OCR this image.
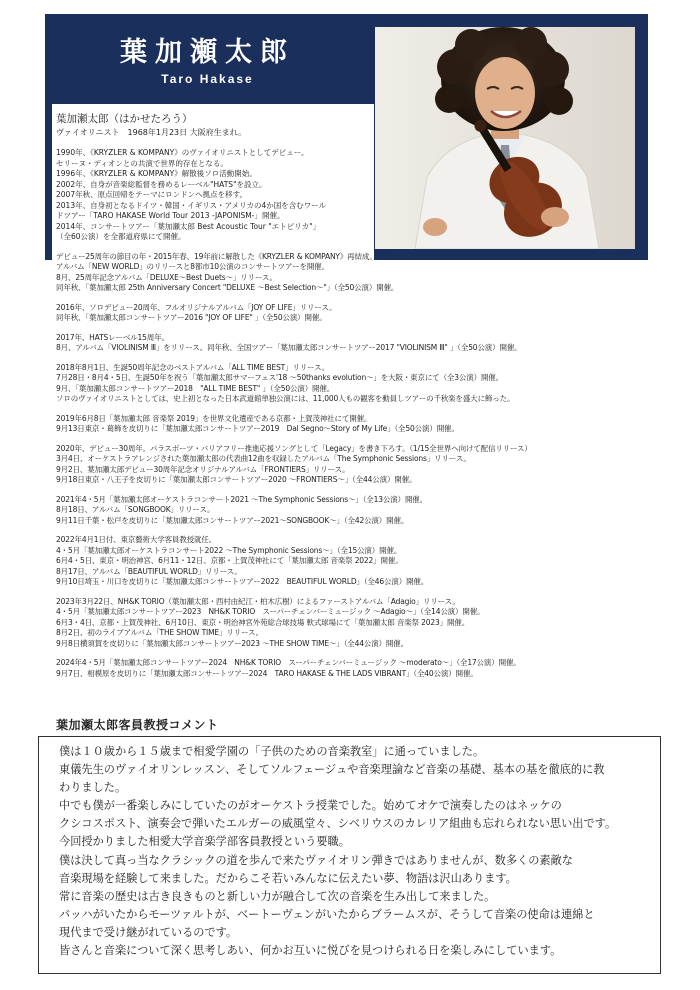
葉加瀬太郎
Taro Hakase

葉加瀬太郎（はかせたろう）

ヴァイオリニスト　1968年1月23日 大阪府生まれ。

1990年、《KRYZLER & KOMPANY》のヴァイオリニストとしてデビュー。
セリーヌ・ディオンとの共演で世界的存在となる。
1996年、《KRYZLER & KOMPANY》解散後ソロ活動開始。
2002年、自身が音楽総監督を務めるレーベル"HATS"を設立。
2007年秋、原点回帰をテーマにロンドンへ拠点を移す。
2013年、自身初となるドイツ・韓国・イギリス・アメリカの4か国を含むワール
ドツアー「TARO HAKASE World Tour 2013 -JAPONISM-」開催。
2014年、コンサートツアー「葉加瀬太郎 Best Acoustic Tour "エトピリカ"」
（全60公演）を全都道府県にて開催。
デビュー25周年の節目の年・2015年春、19年前に解散した《KRYZLER & KOMPANY》再結成。
アルバム「NEW WORLD」のリリースと8都市10公演のコンサートツアーを開催。
8月、25周年記念アルバム「DELUXE～Best Duets～」リリース。
同年秋、「葉加瀬太郎 25th Anniversary Concert "DELUXE ～Best Selection～"」（全50公演）開催。
2016年、ソロデビュー20周年、フルオリジナルアルバム「JOY OF LIFE」リリース。
同年秋、「葉加瀬太郎コンサートツアー2016 "JOY OF LIFE" 」（全50公演）開催。
2017年、HATSレーベル15周年。
8月、アルバム「VIOLINISM Ⅲ」をリリース。同年秋、全国ツアー「葉加瀬太郎コンサートツアー2017 "VIOLINISM Ⅲ" 」（全50公演）開催。
2018年8月1日、生誕50周年記念のベストアルバム「ALL TIME BEST」リリース。
7月28日・8月4・5日、生誕50年を祝う「葉加瀬太郎サマーフェス'18 ～50thanks evolution～」を大阪・東京にて（全3公演）開催。
9月、「葉加瀬太郎コンサートツアー2018　"ALL TIME BEST" 」（全50公演）開催。
ソロのヴァイオリニストとしては、史上初となった日本武道館単独公演には、11,000人もの観客を動員しツアーの千秋楽を盛大に飾った。
2019年6月8日「葉加瀬太郎 音楽祭 2019」を世界文化遺産である京都・上賀茂神社にて開催。
9月13日東京・葛飾を皮切りに「葉加瀬太郎コンサートツアー2019　Dal Segno～Story of My Life」（全50公演）開催。
2020年、デビュー30周年。パラスポーツ・バリアフリー推進応援ソングとして「Legacy」を書き下ろす。（1/15全世界へ向けて配信リリース）
3月4日、オーケストラアレンジされた葉加瀬太郎の代表曲12曲を収録したアルバム「The Symphonic Sessions」リリース。
9月2日、葉加瀬太郎デビュー30周年記念オリジナルアルバム「FRONTIERS」リリース。
9月18日東京・八王子を皮切りに「葉加瀬太郎コンサートツアー2020 ～FRONTIERS～」（全44公演）開催。
2021年4・5月「葉加瀬太郎オーケストラコンサート2021 ～The Symphonic Sessions～」（全13公演）開催。
8月18日、アルバム「SONGBOOK」リリース。
9月11日千葉・松戸を皮切りに「葉加瀬太郎コンサートツアー2021～SONGBOOK～」（全42公演）開催。
2022年4月1日付、東京藝術大学客員教授就任。
4・5月「葉加瀬太郎オーケストラコンサート2022 ～The Symphonic Sessions～」（全15公演）開催。
6月4・5日、東京・明治神宮、6月11・12日、京都・上賀茂神社にて「葉加瀬太郎 音楽祭 2022」開催。
8月17日、アルバム「BEAUTIFUL WORLD」リリース。
9月10日埼玉・川口を皮切りに「葉加瀬太郎コンサートツアー2022　BEAUTIFUL WORLD」（全46公演）開催。
2023年3月22日、NH&K TORIO（葉加瀬太郎・西村由紀江・柏木広樹）によるファーストアルバム「Adagio」リリース。
4・5月「葉加瀬太郎コンサートツアー2023　NH&K TORIO　スーパーチェンバーミュージック ～Adagio～」（全14公演）開催。
6月3・4日、京都・上賀茂神社、6月10日、東京・明治神宮外苑総合球技場 軟式球場にて「葉加瀬太郎 音楽祭 2023」開催。
8月2日、初のライブアルバム「THE SHOW TIME」リリース。
9月8日横須賀を皮切りに「葉加瀬太郎コンサートツアー2023 ～THE SHOW TIME～」（全44公演）開催。
2024年4・5月「葉加瀬太郎コンサートツアー2024　NH&K TORIO　スーパーチェンバーミュージック ～moderato～」（全17公演）開催。
9月7日、相模原を皮切りに「葉加瀬太郎コンサートツアー2024　TARO HAKASE & THE LADS VIBRANT」（全40公演）開催。
葉加瀬太郎客員教授コメント
僕は１０歳から１５歳まで相愛学園の「子供のための音楽教室」に通っていました。
東儀先生のヴァイオリンレッスン、そしてソルフェージュや音楽理論など音楽の基礎、基本の基を徹底的に教
わりました。
中でも僕が一番楽しみにしていたのがオーケストラ授業でした。始めてオケで演奏したのはネッケの
クシコスポスト、演奏会で弾いたエルガーの威風堂々、シベリウスのカレリア組曲も忘れられない思い出です。
今回授かりました相愛大学音楽学部客員教授という要職。
僕は決して真っ当なクラシックの道を歩んで来たヴァイオリン弾きではありませんが、数多くの素敵な
音楽現場を経験して来ました。だからこそ若いみんなに伝えたい夢、物語は沢山あります。
常に音楽の歴史は古き良きものと新しい力が融合して次の音楽を生み出して来ました。
バッハがいたからモーツァルトが、ベートーヴェンがいたからブラームスが、そうして音楽の使命は連綿と
現代まで受け継がれているのです。
皆さんと音楽について深く思考しあい、何かお互いに悦びを見つけられる日を楽しみにしています。
